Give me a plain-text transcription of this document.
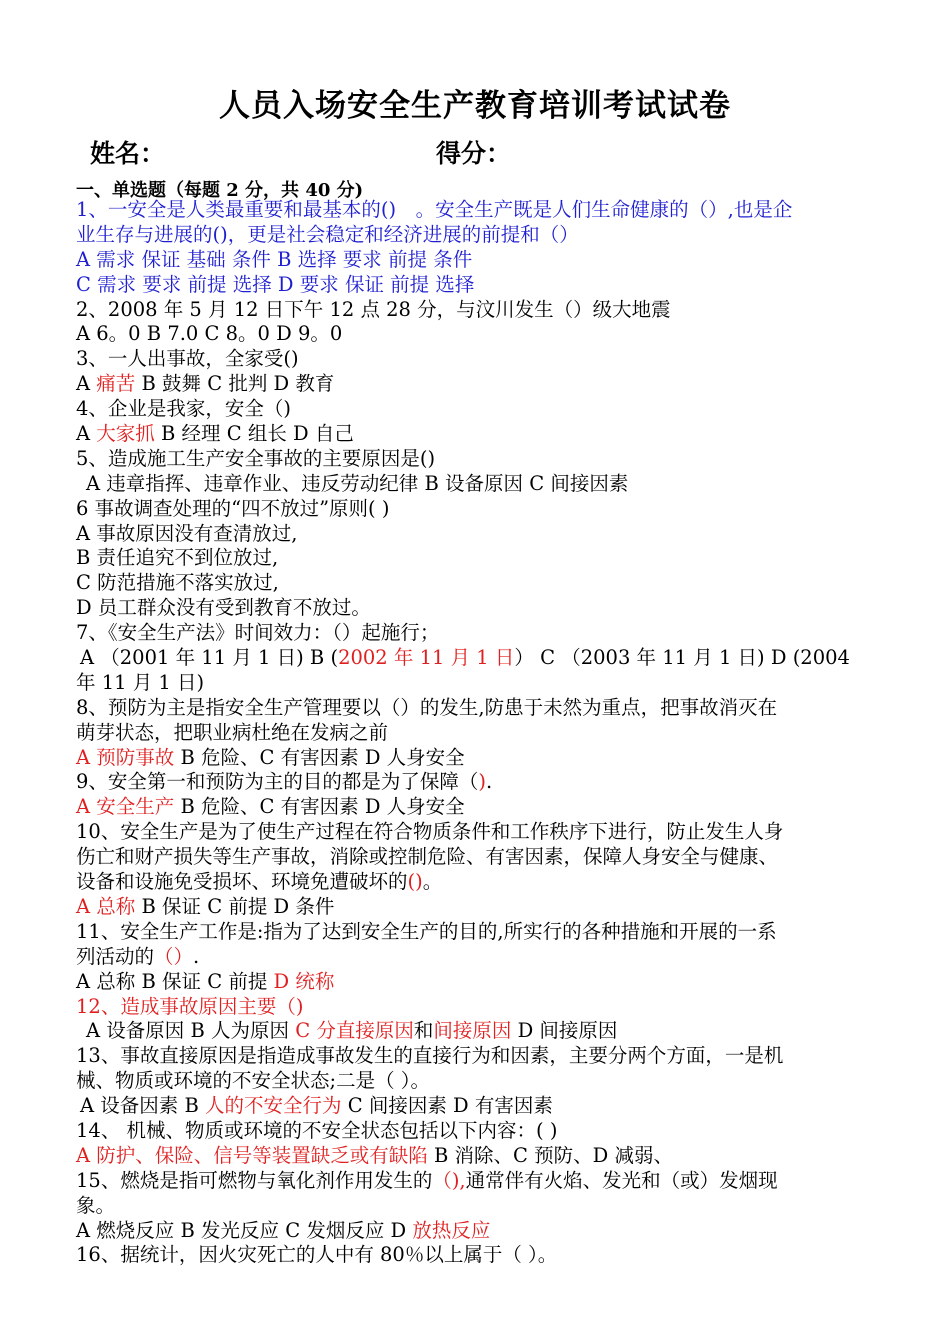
人员入场安全生产教育培训考试试卷
姓名：	得分：
一、单选题（每题 2 分，共 40 分)
1、一安全是人类最重要和最基本的()　。安全生产既是人们生命健康的（）,也是企
业生存与进展的()，更是社会稳定和经济进展的前提和（）
A 需求 保证 基础 条件 B 选择 要求 前提 条件
C 需求 要求 前提 选择 D 要求 保证 前提 选择
2、2008 年 5 月 12 日下午 12 点 28 分，与汶川发生（）级大地震
A 6。0 B 7.0 C 8。0 D 9。0
3、一人出事故，全家受()
A 痛苦 B 鼓舞 C 批判 D 教育
4、企业是我家，安全（)
A 大家抓 B 经理 C 组长 D 自己
5、造成施工生产安全事故的主要原因是()
A 违章指挥、违章作业、违反劳动纪律 B 设备原因 C 间接因素
6 事故调查处理的“四不放过”原则( )
A 事故原因没有查清放过,
B 责任追究不到位放过,
C 防范措施不落实放过,
D 员工群众没有受到教育不放过。
7、《安全生产法》时间效力：（）起施行；
A （2001 年 11 月 1 日) B (2002 年 11 月 1 日） C （2003 年 11 月 1 日) D (2004
年 11 月 1 日)
8、预防为主是指安全生产管理要以（）的发生,防患于未然为重点，把事故消灭在
萌芽状态，把职业病杜绝在发病之前
A 预防事故 B 危险、C 有害因素 D 人身安全
9、安全第一和预防为主的目的都是为了保障（).
A 安全生产 B 危险、C 有害因素 D 人身安全
10、安全生产是为了使生产过程在符合物质条件和工作秩序下进行，防止发生人身
伤亡和财产损失等生产事故，消除或控制危险、有害因素，保障人身安全与健康、
设备和设施免受损坏、环境免遭破坏的()。
A 总称 B 保证 C 前提 D 条件
11、安全生产工作是:指为了达到安全生产的目的,所实行的各种措施和开展的一系
列活动的（）.
A 总称 B 保证 C 前提 D 统称
12、造成事故原因主要（)
A 设备原因 B 人为原因 C 分直接原因和间接原因 D 间接原因
13、事故直接原因是指造成事故发生的直接行为和因素，主要分两个方面，一是机
械、物质或环境的不安全状态;二是（ ）。
A 设备因素 B 人的不安全行为 C 间接因素 D 有害因素
14、 机械、物质或环境的不安全状态包括以下内容：( )
A 防护、保险、信号等装置缺乏或有缺陷 B 消除、C 预防、D 减弱、
15、燃烧是指可燃物与氧化剂作用发生的（),通常伴有火焰、发光和（或）发烟现
象。
A 燃烧反应 B 发光反应 C 发烟反应 D 放热反应
16、据统计，因火灾死亡的人中有 80％以上属于（ ）。
